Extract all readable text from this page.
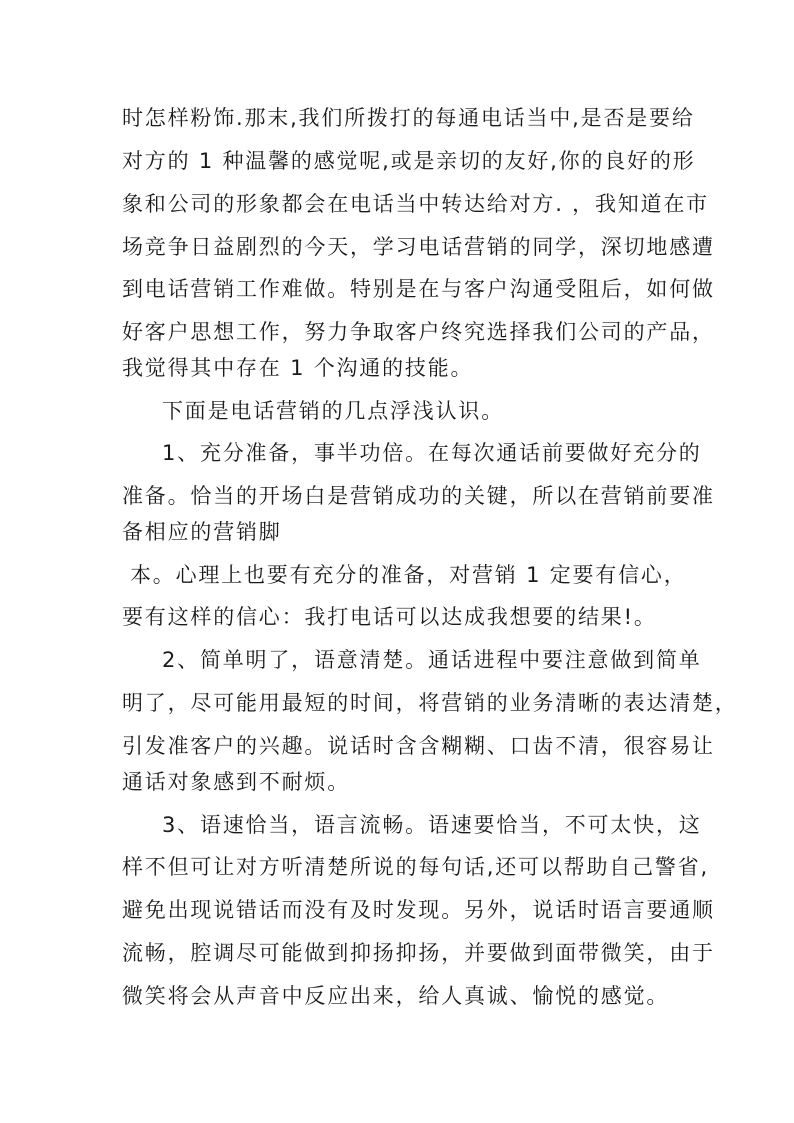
时怎样粉饰.那末,我们所拨打的每通电话当中,是否是要给
对方的 1 种温馨的感觉呢,或是亲切的友好,你的良好的形
象和公司的形象都会在电话当中转达给对方. ，我知道在市
场竞争日益剧烈的今天，学习电话营销的同学，深切地感遭
到电话营销工作难做。特别是在与客户沟通受阻后，如何做
好客户思想工作，努力争取客户终究选择我们公司的产品，
我觉得其中存在 1 个沟通的技能。
下面是电话营销的几点浮浅认识。
1、充分准备，事半功倍。在每次通话前要做好充分的
准备。恰当的开场白是营销成功的关键，所以在营销前要准
备相应的营销脚
本。心理上也要有充分的准备，对营销 1 定要有信心，
要有这样的信心：我打电话可以达成我想要的结果!。
2、简单明了，语意清楚。通话进程中要注意做到简单
明了，尽可能用最短的时间，将营销的业务清晰的表达清楚，
引发准客户的兴趣。说话时含含糊糊、口齿不清，很容易让
通话对象感到不耐烦。
3、语速恰当，语言流畅。语速要恰当，不可太快，这
样不但可让对方听清楚所说的每句话,还可以帮助自己警省,
避免出现说错话而没有及时发现。另外，说话时语言要通顺
流畅，腔调尽可能做到抑扬抑扬，并要做到面带微笑，由于
微笑将会从声音中反应出来，给人真诚、愉悦的感觉。
